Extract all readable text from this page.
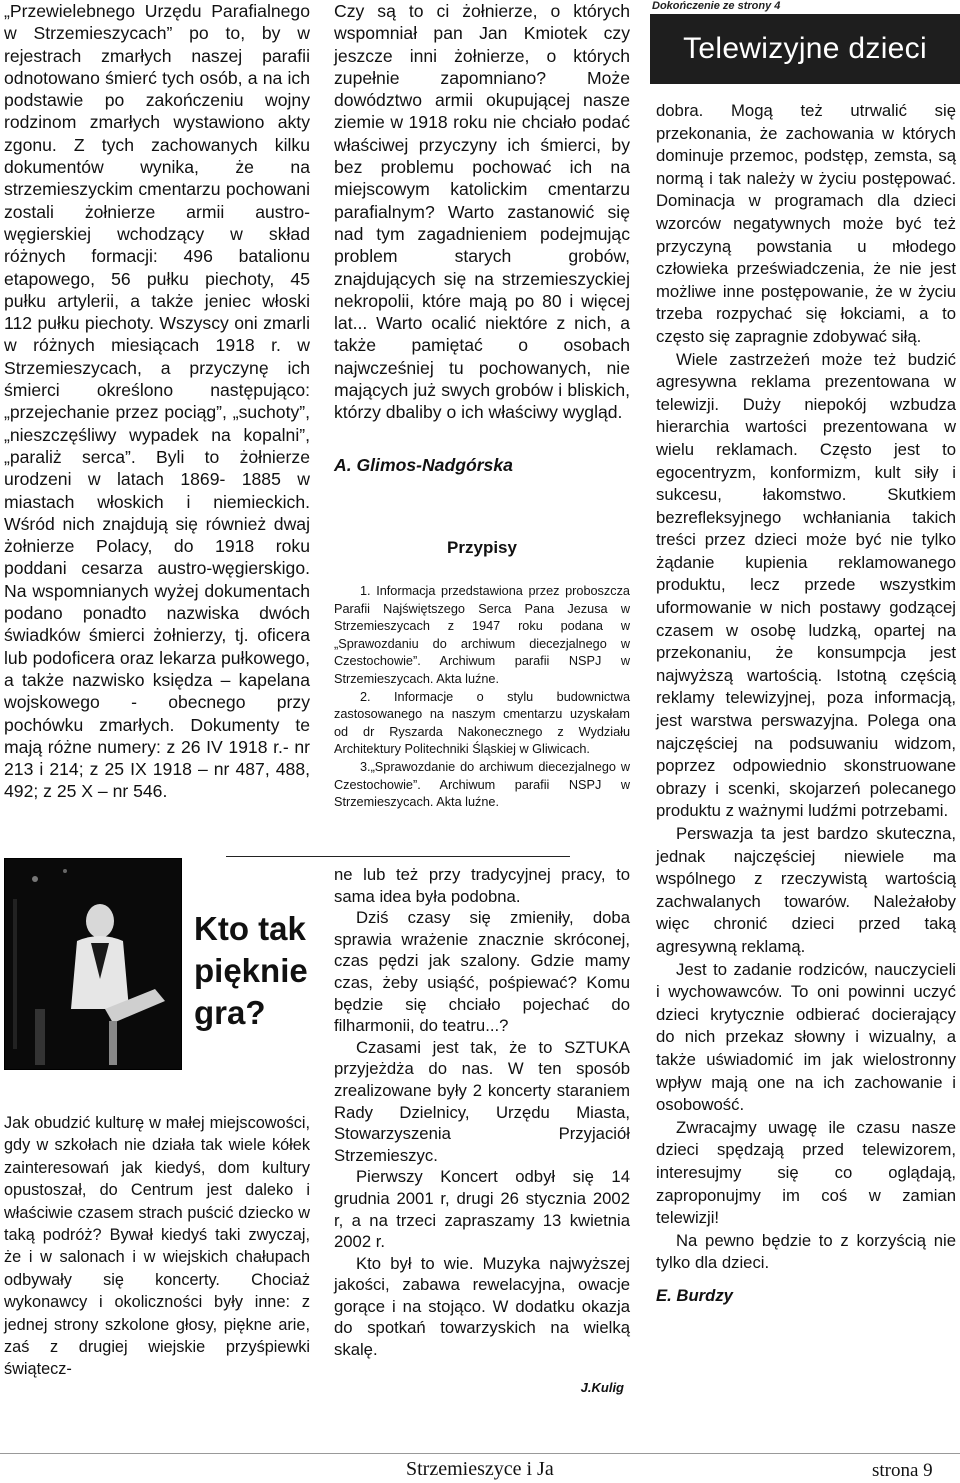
„Przewielebnego Urzędu Parafialnego w Strzemieszycach” po to, by w rejestrach zmarłych naszej parafii odnotowano śmierć tych osób, a na ich podstawie po zakończeniu wojny rodzinom zmarłych wystawiono akty zgonu. Z tych zachowanych kilku dokumentów wynika, że na strzemieszyckim cmentarzu pochowani zostali żołnierze armii austro-węgierskiej wchodzący w skład różnych formacji: 496 batalionu etapowego, 56 pułku piechoty, 45 pułku artylerii, a także jeniec włoski 112 pułku piechoty. Wszyscy oni zmarli w różnych miesiącach 1918 r. w Strzemieszycach, a przyczynę ich śmierci określono następująco: „przejechanie przez pociąg”, „suchoty”, „nieszczęśliwy wypadek na kopalni”, „paraliż serca”. Byli to żołnierze urodzeni w latach 1869- 1885 w miastach włoskich i niemieckich. Wśród nich znajdują się również dwaj żołnierze Polacy, do 1918 roku poddani cesarza austro-węgierskigo. Na wspomnianych wyżej dokumentach podano ponadto nazwiska dwóch świadków śmierci żołnierzy, tj. oficera lub podoficera oraz lekarza pułkowego, a także nazwisko księdza – kapelana wojskowego - obecnego przy pochówku zmarłych. Dokumenty te mają różne numery: z 26 IV 1918 r.- nr 213 i 214; z 25 IX 1918 – nr 487, 488, 492; z 25 X – nr 546.

Czy są to ci żołnierze, o których wspomniał pan Jan Kmiotek czy jeszcze inni żołnierze, o których zupełnie zapomniano? Może dowództwo armii okupującej nasze ziemie w 1918 roku nie chciało podać właściwej przyczyny ich śmierci, by bez problemu pochować ich na miejscowym katolickim cmentarzu parafialnym? Warto zastanowić się nad tym zagadnieniem podejmując problem starych grobów, znajdujących się na strzemieszyckiej nekropolii, które mają po 80 i więcej lat... Warto ocalić niektóre z nich, a także pamiętać o osobach najwcześniej tu pochowanych, nie mających już swych grobów i bliskich, którzy dbaliby o ich właściwy wygląd.

A. Glimos-Nadgórska

Przypisy

1. Informacja przedstawiona przez proboszcza Parafii Najświętszego Serca Pana Jezusa w Strzemieszycach z 1947 roku podana w „Sprawozdaniu do archiwum diecezjalnego w Czestochowie”. Archiwum parafii NSPJ w Strzemieszycach. Akta luźne.

2. Informacje o stylu budownictwa zastosowanego na naszym cmentarzu uzyskałam od dr Ryszarda Nakonecznego z Wydziału Architektury Politechniki Śląskiej w Gliwicach.

3.„Sprawozdanie do archiwum diecezjalnego w Czestochowie”. Archiwum parafii NSPJ w Strzemieszycach. Akta luźne.

Kto tak pięknie gra?

Jak obudzić kulturę w małej miejscowości, gdy w szkołach nie działa tak wiele kółek zainteresowań jak kiedyś, dom kultury opustoszał, do Centrum jest daleko i właściwie czasem strach puścić dziecko w taką podróż? Bywał kiedyś taki zwyczaj, że i w salonach i w wiejskich chałupach odbywały się koncerty. Chociaż wykonawcy i okoliczności były inne: z jednej strony szkolone głosy, piękne arie, zaś z drugiej wiejskie przyśpiewki świątecz-

ne lub też przy tradycyjnej pracy, to sama idea była podobna.

Dziś czasy się zmieniły, doba sprawia wrażenie znacznie skróconej, czas pędzi jak szalony. Gdzie mamy czas, żeby usiąść, pośpiewać? Komu będzie się chciało pojechać do filharmonii, do teatru...?

Czasami jest tak, że to SZTUKA przyjeżdża do nas. W ten sposób zrealizowane były 2 koncerty staraniem Rady Dzielnicy, Urzędu Miasta, Stowarzyszenia Przyjaciół Strzemieszyc.

Pierwszy Koncert odbył się 14 grudnia 2001 r, drugi 26 stycznia 2002 r, a na trzeci zapraszamy 13 kwietnia 2002 r.

Kto był to wie. Muzyka najwyższej jakości, zabawa rewelacyjna, owacje gorące i na stojąco. W dodatku okazja do spotkań towarzyskich na wielką skalę.

J.Kulig
Dokończenie ze strony 4
Telewizyjne dzieci

dobra. Mogą też utrwalić się przekonania, że zachowania w których dominuje przemoc, podstęp, zemsta, są normą i tak należy w życiu postępować. Dominacja w programach dla dzieci wzorców negatywnych może być też przyczyną powstania u młodego człowieka przeświadczenia, że nie jest możliwe inne postępowanie, że w życiu trzeba rozpychać się łokciami, a to często się zapragnie zdobywać siłą.

Wiele zastrzeżeń może też budzić agresywna reklama prezentowana w telewizji. Duży niepokój wzbudza hierarchia wartości prezentowana w wielu reklamach. Często jest to egocentryzm, konformizm, kult siły i sukcesu, łakomstwo. Skutkiem bezrefleksyjnego wchłaniania takich treści przez dzieci może być nie tylko żądanie kupienia reklamowanego produktu, lecz przede wszystkim uformowanie w nich postawy godzącej czasem w osobę ludzką, opartej na przekonaniu, że konsumpcja jest najwyższą wartością. Istotną częścią reklamy telewizyjnej, poza informacją, jest warstwa perswazyjna. Polega ona najczęściej na podsuwaniu widzom, poprzez odpowiednio skonstruowane obrazy i scenki, skojarzeń polecanego produktu z ważnymi ludźmi potrzebami.

Perswazja ta jest bardzo skuteczna, jednak najczęściej niewiele ma wspólnego z rzeczywistą wartością zachwalanych towarów. Należałoby więc chronić dzieci przed taką agresywną reklamą.

Jest to zadanie rodziców, nauczycieli i wychowawców. To oni powinni uczyć dzieci krytycznie odbierać docierający do nich przekaz słowny i wizualny, a także uświadomić im jak wielostronny wpływ mają one na ich zachowanie i osobowość.

Zwracajmy uwagę ile czasu nasze dzieci spędzają przed telewizorem, interesujmy się co oglądają, zaproponujmy im coś w zamian telewizji!

Na pewno będzie to z korzyścią nie tylko dla dzieci.

E. Burdzy

Strzemieszyce i Ja	strona 9
